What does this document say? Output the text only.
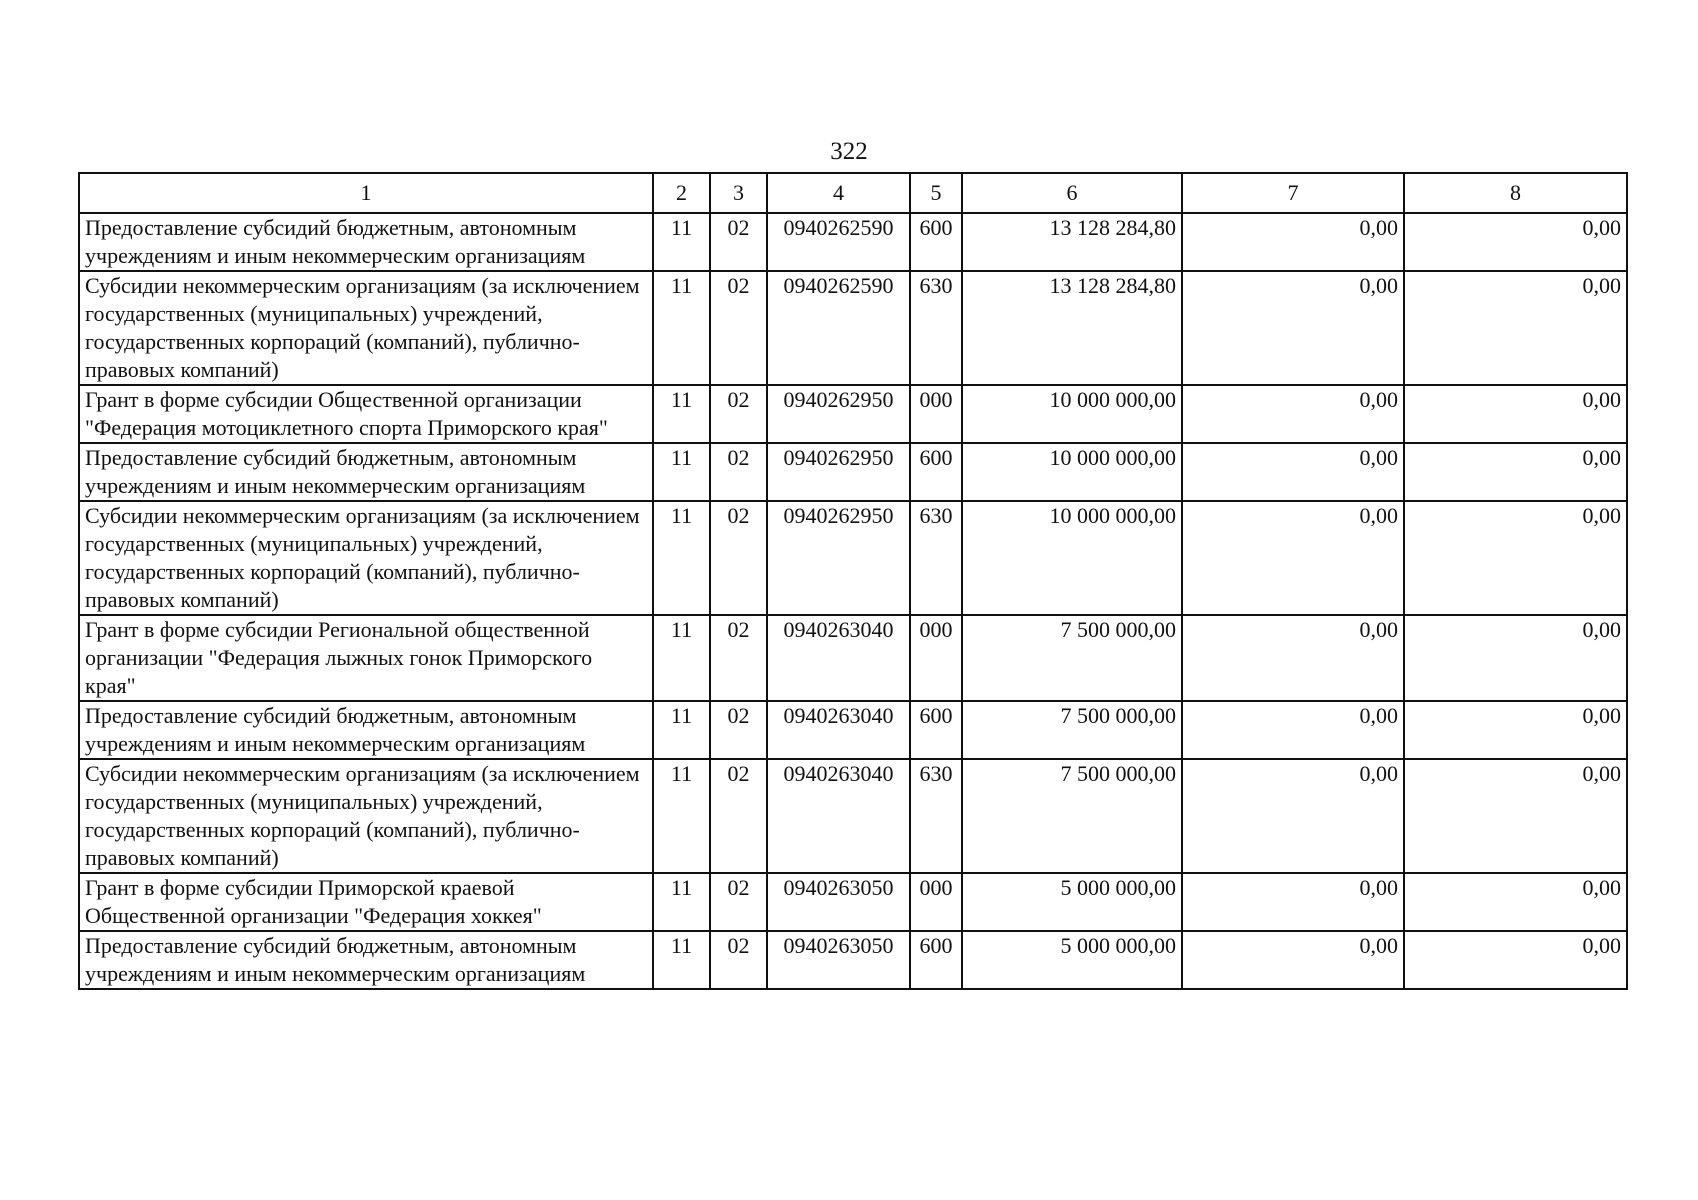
322
1	2	3	4	5	6	7	8
Предоставление субсидий бюджетным, автономным учреждениям и иным некоммерческим организациям	11	02	0940262590	600	13 128 284,80	0,00	0,00
Субсидии некоммерческим организациям (за исключением государственных (муниципальных) учреждений, государственных корпораций (компаний), публично-правовых компаний)	11	02	0940262590	630	13 128 284,80	0,00	0,00
Грант в форме субсидии Общественной организации "Федерация мотоциклетного спорта Приморского края"	11	02	0940262950	000	10 000 000,00	0,00	0,00
Предоставление субсидий бюджетным, автономным учреждениям и иным некоммерческим организациям	11	02	0940262950	600	10 000 000,00	0,00	0,00
Субсидии некоммерческим организациям (за исключением государственных (муниципальных) учреждений, государственных корпораций (компаний), публично-правовых компаний)	11	02	0940262950	630	10 000 000,00	0,00	0,00
Грант в форме субсидии Региональной общественной организации "Федерация лыжных гонок Приморского края"	11	02	0940263040	000	7 500 000,00	0,00	0,00
Предоставление субсидий бюджетным, автономным учреждениям и иным некоммерческим организациям	11	02	0940263040	600	7 500 000,00	0,00	0,00
Субсидии некоммерческим организациям (за исключением государственных (муниципальных) учреждений, государственных корпораций (компаний), публично-правовых компаний)	11	02	0940263040	630	7 500 000,00	0,00	0,00
Грант в форме субсидии Приморской краевой Общественной организации "Федерация хоккея"	11	02	0940263050	000	5 000 000,00	0,00	0,00
Предоставление субсидий бюджетным, автономным учреждениям и иным некоммерческим организациям	11	02	0940263050	600	5 000 000,00	0,00	0,00
